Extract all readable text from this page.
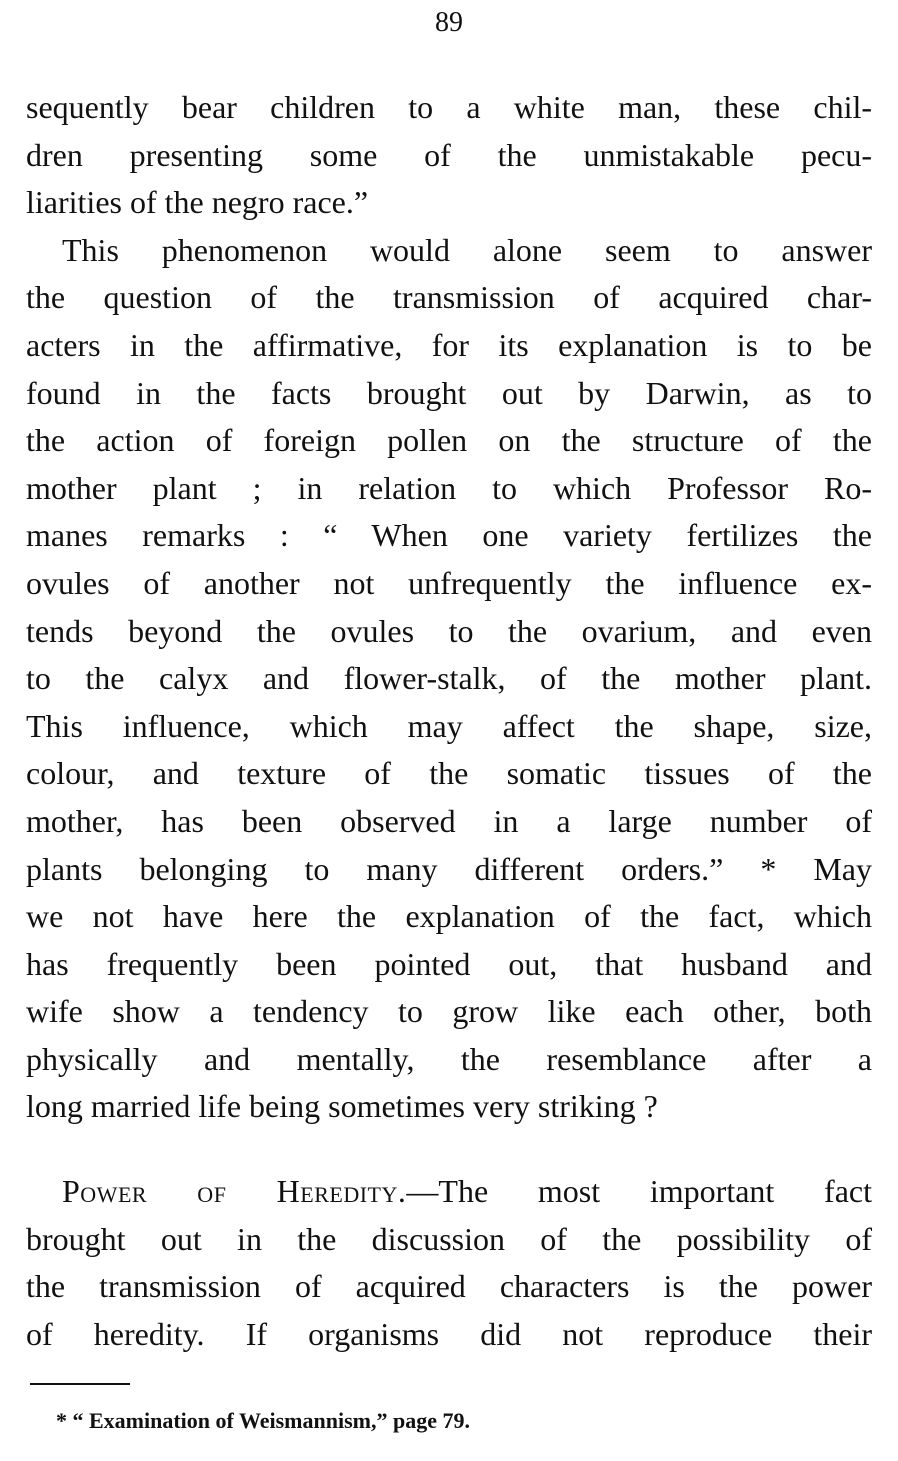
89
sequently bear children to a white man, these chil-
dren presenting some of the unmistakable pecu-
liarities of the negro race.”
This phenomenon would alone seem to answer
the question of the transmission of acquired char-
acters in the affirmative, for its explanation is to be
found in the facts brought out by Darwin, as to
the action of foreign pollen on the structure of the
mother plant ; in relation to which Professor Ro-
manes remarks : “ When one variety fertilizes the
ovules of another not unfrequently the influence ex-
tends beyond the ovules to the ovarium, and even
to the calyx and flower-stalk, of the mother plant.
This influence, which may affect the shape, size,
colour, and texture of the somatic tissues of the
mother, has been observed in a large number of
plants belonging to many different orders.” * May
we not have here the explanation of the fact, which
has frequently been pointed out, that husband and
wife show a tendency to grow like each other, both
physically and mentally, the resemblance after a
long married life being sometimes very striking ?
Power of Heredity.—The most important fact
brought out in the discussion of the possibility of
the transmission of acquired characters is the power
of heredity. If organisms did not reproduce their
* “ Examination of Weismannism,” page 79.
